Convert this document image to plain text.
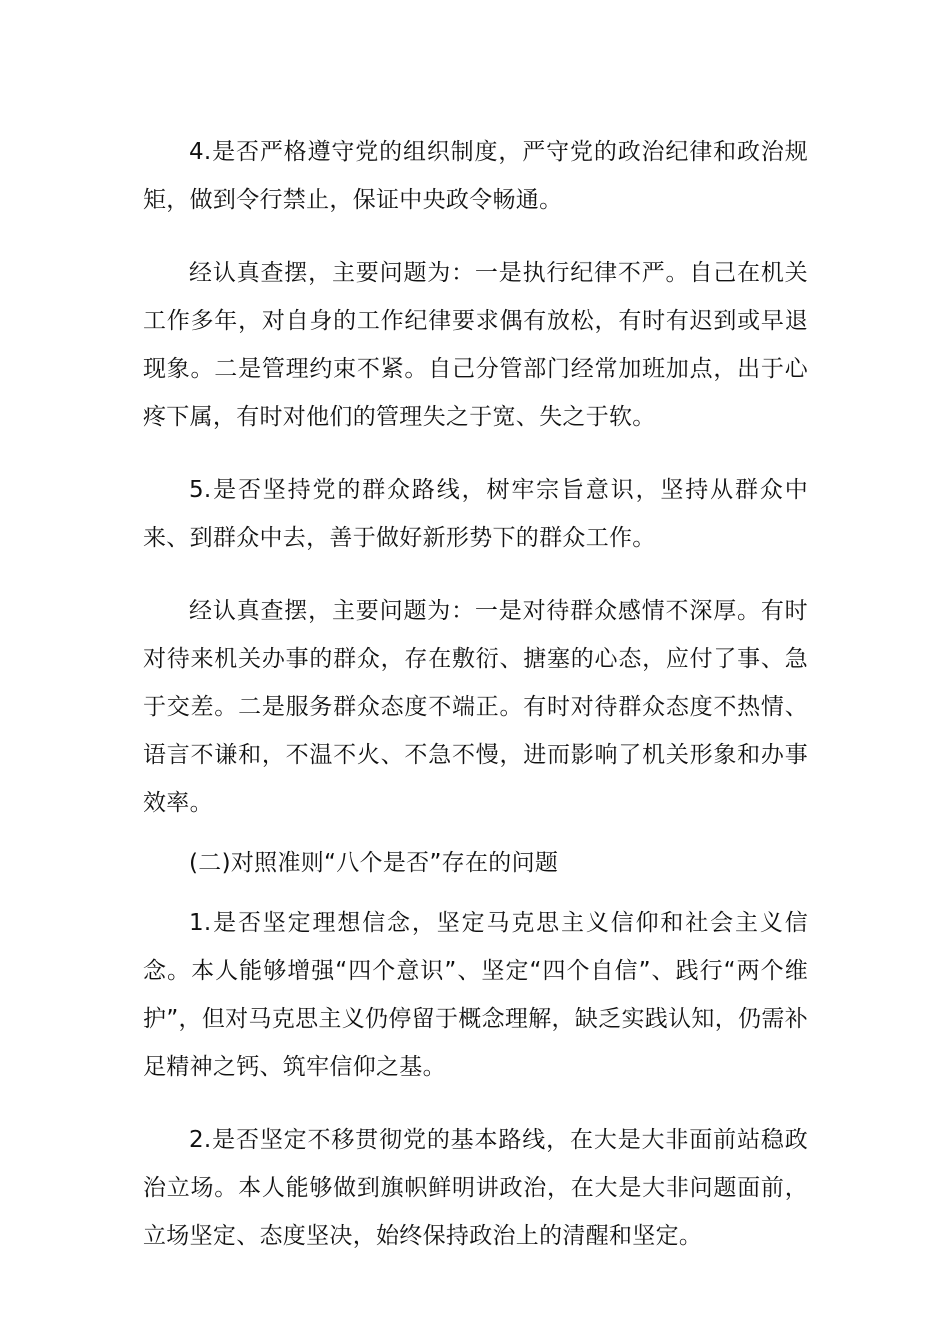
4.是否严格遵守党的组织制度，严守党的政治纪律和政治规矩，做到令行禁止，保证中央政令畅通。

经认真查摆，主要问题为：一是执行纪律不严。自己在机关工作多年，对自身的工作纪律要求偶有放松，有时有迟到或早退现象。二是管理约束不紧。自己分管部门经常加班加点，出于心疼下属，有时对他们的管理失之于宽、失之于软。

5.是否坚持党的群众路线，树牢宗旨意识，坚持从群众中来、到群众中去，善于做好新形势下的群众工作。

经认真查摆，主要问题为：一是对待群众感情不深厚。有时对待来机关办事的群众，存在敷衍、搪塞的心态，应付了事、急于交差。二是服务群众态度不端正。有时对待群众态度不热情、语言不谦和，不温不火、不急不慢，进而影响了机关形象和办事效率。

(二)对照准则“八个是否”存在的问题

1.是否坚定理想信念，坚定马克思主义信仰和社会主义信念。本人能够增强“四个意识”、坚定“四个自信”、践行“两个维护”，但对马克思主义仍停留于概念理解，缺乏实践认知，仍需补足精神之钙、筑牢信仰之基。

2.是否坚定不移贯彻党的基本路线，在大是大非面前站稳政治立场。本人能够做到旗帜鲜明讲政治，在大是大非问题面前，立场坚定、态度坚决，始终保持政治上的清醒和坚定。
